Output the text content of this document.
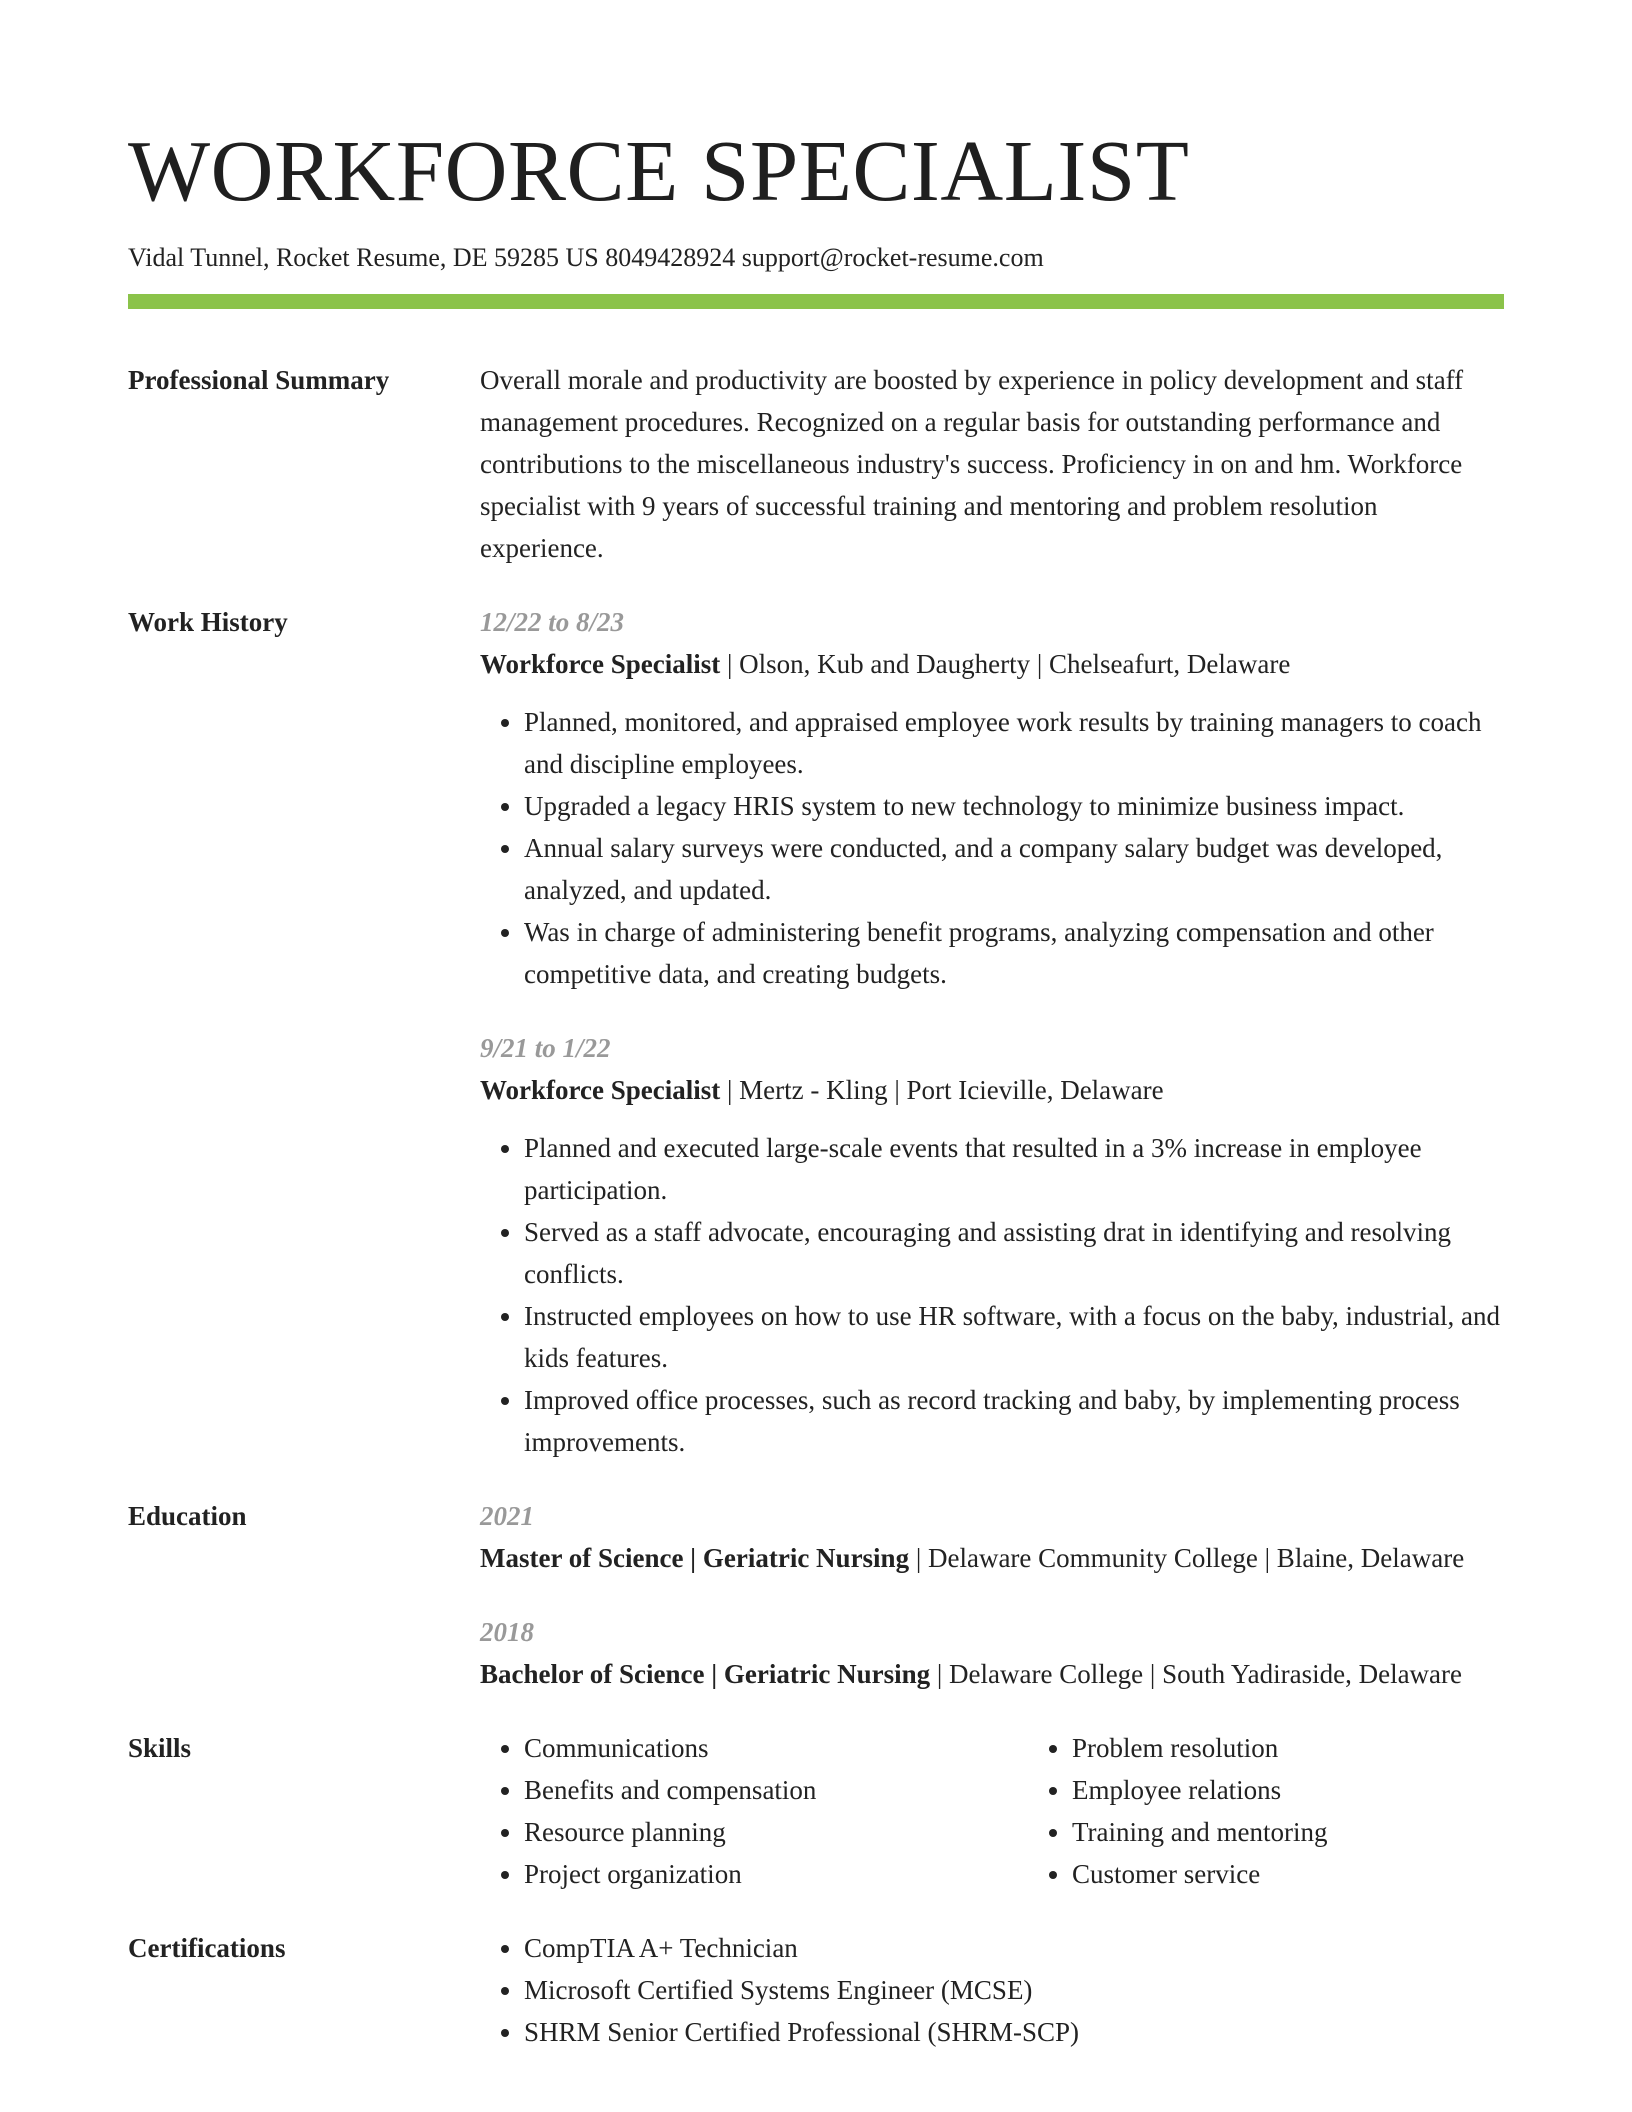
WORKFORCE SPECIALIST
Vidal Tunnel, Rocket Resume, DE 59285 US 8049428924 support@rocket-resume.com
Professional Summary	Overall morale and productivity are boosted by experience in policy development and staff management procedures. Recognized on a regular basis for outstanding performance and contributions to the miscellaneous industry's success. Proficiency in on and hm. Workforce specialist with 9 years of successful training and mentoring and problem resolution experience.
Work History	12/22 to 8/23
Workforce Specialist | Olson, Kub and Daugherty | Chelseafurt, Delaware
• Planned, monitored, and appraised employee work results by training managers to coach and discipline employees.
• Upgraded a legacy HRIS system to new technology to minimize business impact.
• Annual salary surveys were conducted, and a company salary budget was developed, analyzed, and updated.
• Was in charge of administering benefit programs, analyzing compensation and other competitive data, and creating budgets.
9/21 to 1/22
Workforce Specialist | Mertz - Kling | Port Icieville, Delaware
• Planned and executed large-scale events that resulted in a 3% increase in employee participation.
• Served as a staff advocate, encouraging and assisting drat in identifying and resolving conflicts.
• Instructed employees on how to use HR software, with a focus on the baby, industrial, and kids features.
• Improved office processes, such as record tracking and baby, by implementing process improvements.
Education	2021
Master of Science | Geriatric Nursing | Delaware Community College | Blaine, Delaware
2018
Bachelor of Science | Geriatric Nursing | Delaware College | South Yadiraside, Delaware
Skills	• Communications
• Benefits and compensation
• Resource planning
• Project organization
• Problem resolution
• Employee relations
• Training and mentoring
• Customer service
Certifications	• CompTIA A+ Technician
• Microsoft Certified Systems Engineer (MCSE)
• SHRM Senior Certified Professional (SHRM-SCP)
